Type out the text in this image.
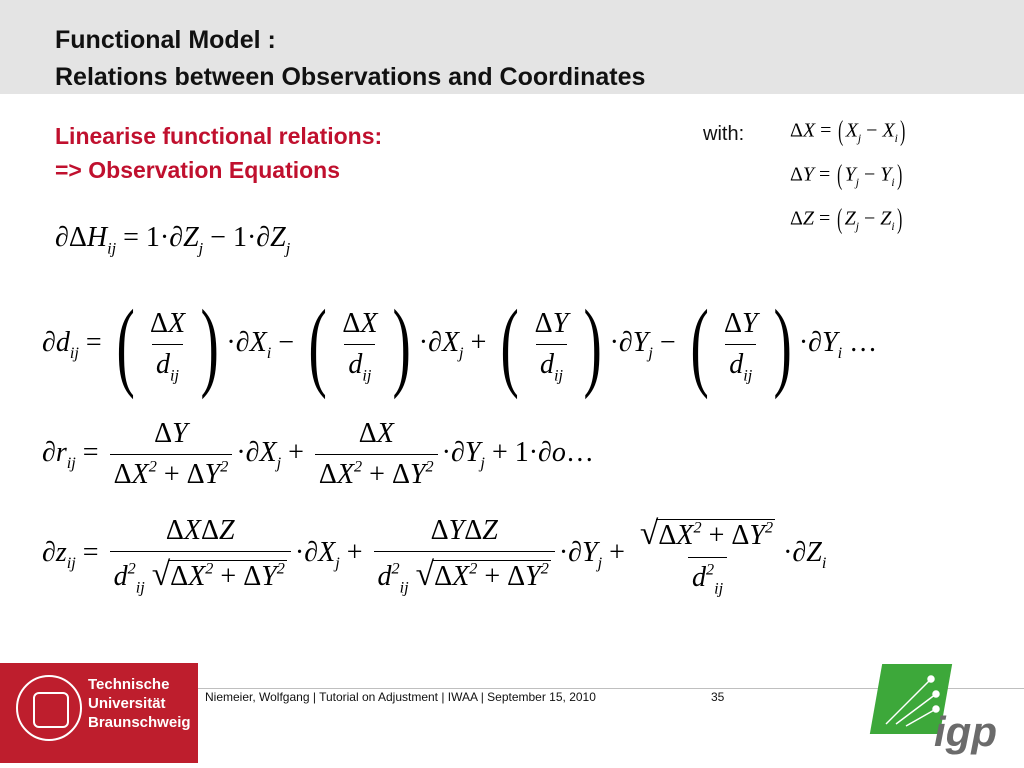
Functional Model :
Relations between Observations and Coordinates
Linearise functional relations:
=> Observation Equations
with: ΔX = ( $X_j - X_i$)
ΔY = ( $Y_j - Y_i$)
ΔZ = ( $Z_j - Z_i$)
$\partial\Delta H_{ij} = 1\cdot\partial Z_j - 1\cdot\partial Z_j$
$\partial d_{ij}$ = ( $\frac{\Delta X}{d_{ij}}$ ) $\cdot\partial X_i$ − ( $\frac{\Delta X}{d_{ij}}$ ) $\cdot\partial X_j$ + ( $\frac{\Delta Y}{d_{ij}}$ ) $\cdot\partial Y_j$ − ( $\frac{\Delta Y}{d_{ij}}$ ) $\cdot\partial Y_i$ …
$\partial r_{ij} = \frac{\Delta Y}{\Delta X^2 + \Delta Y^2} \cdot\partial X_j + \frac{\Delta X}{\Delta X^2 + \Delta Y^2} \cdot\partial Y_j$ + 1·∂o…
$\partial z_{ij} = \frac{\text{ΔXΔZ}}{d^2_{ij} √\Delta X^2 + \Delta Y^2} \cdot\partial X_j + \frac{\text{ΔYΔZ}}{d^2_{ij} √\Delta X^2 + \Delta Y^2} \cdot\partial Y_j + \frac{√\Delta X^2 + \Delta Y^2}{d^2_{ij}} \cdot\partial Z_i$
Technische
Universität
Braunschweig
Niemeier, Wolfgang | Tutorial on Adjustment | IWAA | September 15, 2010	35
igp
